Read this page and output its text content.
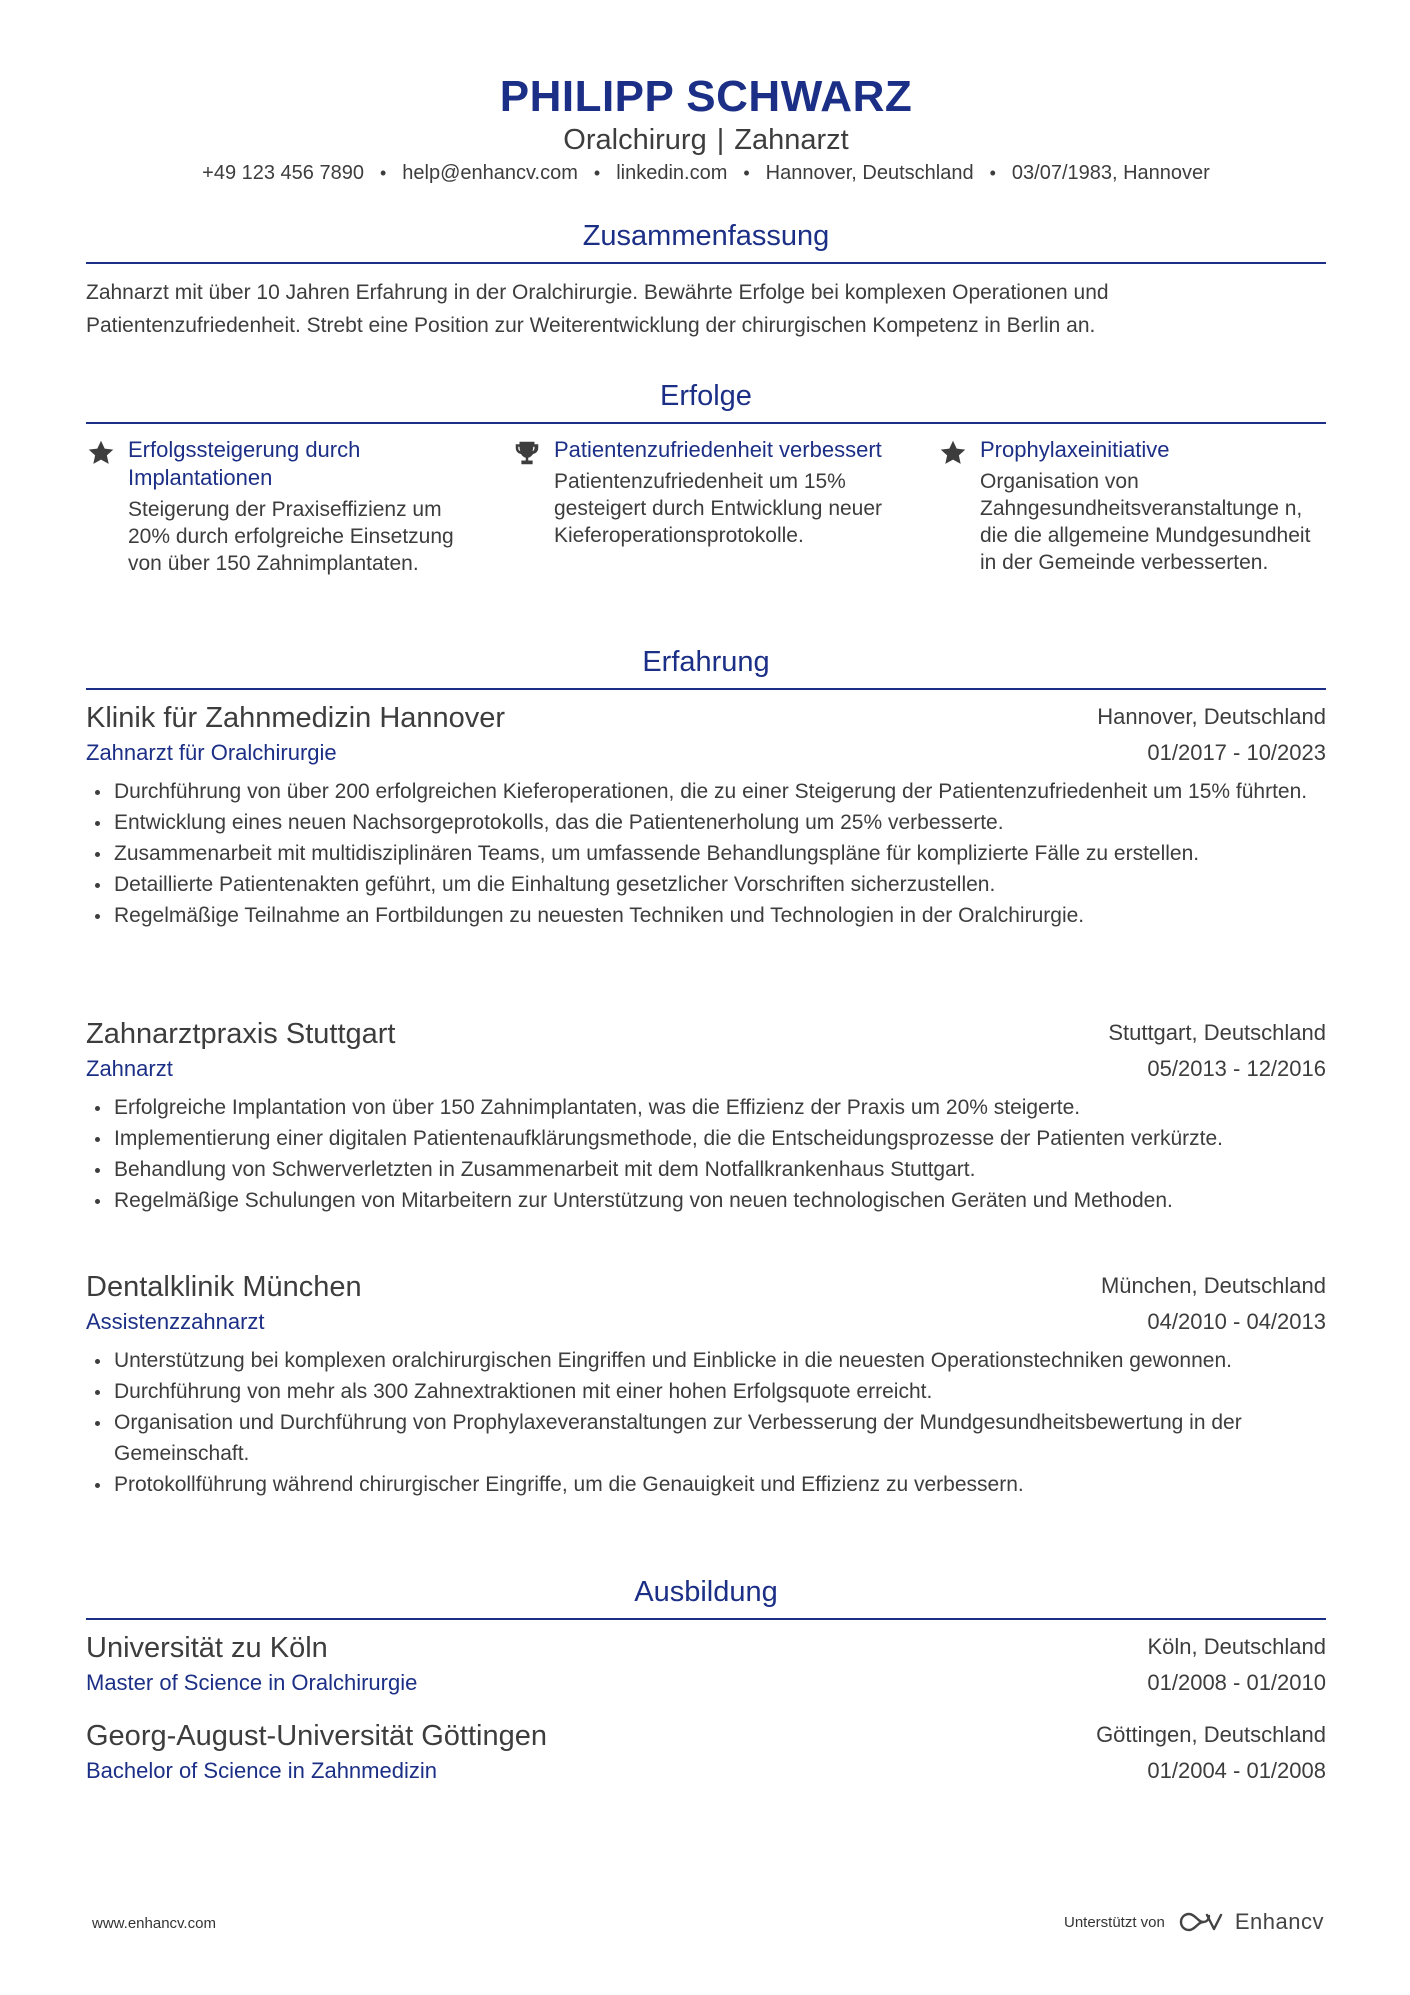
PHILIPP SCHWARZ
Oralchirurg | Zahnarzt
+49 123 456 7890 • help@enhancv.com • linkedin.com • Hannover, Deutschland • 03/07/1983, Hannover
Zusammenfassung
Zahnarzt mit über 10 Jahren Erfahrung in der Oralchirurgie. Bewährte Erfolge bei komplexen Operationen und Patientenzufriedenheit. Strebt eine Position zur Weiterentwicklung der chirurgischen Kompetenz in Berlin an.
Erfolge
Erfolgssteigerung durch Implantationen
Steigerung der Praxiseffizienz um 20% durch erfolgreiche Einsetzung von über 150 Zahnimplantaten.
Patientenzufriedenheit verbessert
Patientenzufriedenheit um 15% gesteigert durch Entwicklung neuer Kieferoperationsprotokolle.
Prophylaxeinitiative
Organisation von Zahngesundheitsveranstaltunge n, die die allgemeine Mundgesundheit in der Gemeinde verbesserten.
Erfahrung
Klinik für Zahnmedizin Hannover	Hannover, Deutschland
Zahnarzt für Oralchirurgie	01/2017 - 10/2023
Durchführung von über 200 erfolgreichen Kieferoperationen, die zu einer Steigerung der Patientenzufriedenheit um 15% führten.
Entwicklung eines neuen Nachsorgeprotokolls, das die Patientenerholung um 25% verbesserte.
Zusammenarbeit mit multidisziplinären Teams, um umfassende Behandlungspläne für komplizierte Fälle zu erstellen.
Detaillierte Patientenakten geführt, um die Einhaltung gesetzlicher Vorschriften sicherzustellen.
Regelmäßige Teilnahme an Fortbildungen zu neuesten Techniken und Technologien in der Oralchirurgie.
Zahnarztpraxis Stuttgart	Stuttgart, Deutschland
Zahnarzt	05/2013 - 12/2016
Erfolgreiche Implantation von über 150 Zahnimplantaten, was die Effizienz der Praxis um 20% steigerte.
Implementierung einer digitalen Patientenaufklärungsmethode, die die Entscheidungsprozesse der Patienten verkürzte.
Behandlung von Schwerverletzten in Zusammenarbeit mit dem Notfallkrankenhaus Stuttgart.
Regelmäßige Schulungen von Mitarbeitern zur Unterstützung von neuen technologischen Geräten und Methoden.
Dentalklinik München	München, Deutschland
Assistenzzahnarzt	04/2010 - 04/2013
Unterstützung bei komplexen oralchirurgischen Eingriffen und Einblicke in die neuesten Operationstechniken gewonnen.
Durchführung von mehr als 300 Zahnextraktionen mit einer hohen Erfolgsquote erreicht.
Organisation und Durchführung von Prophylaxeveranstaltungen zur Verbesserung der Mundgesundheitsbewertung in der Gemeinschaft.
Protokollführung während chirurgischer Eingriffe, um die Genauigkeit und Effizienz zu verbessern.
Ausbildung
Universität zu Köln	Köln, Deutschland
Master of Science in Oralchirurgie	01/2008 - 01/2010
Georg-August-Universität Göttingen	Göttingen, Deutschland
Bachelor of Science in Zahnmedizin	01/2004 - 01/2008
www.enhancv.com	Unterstützt von	Enhancv
